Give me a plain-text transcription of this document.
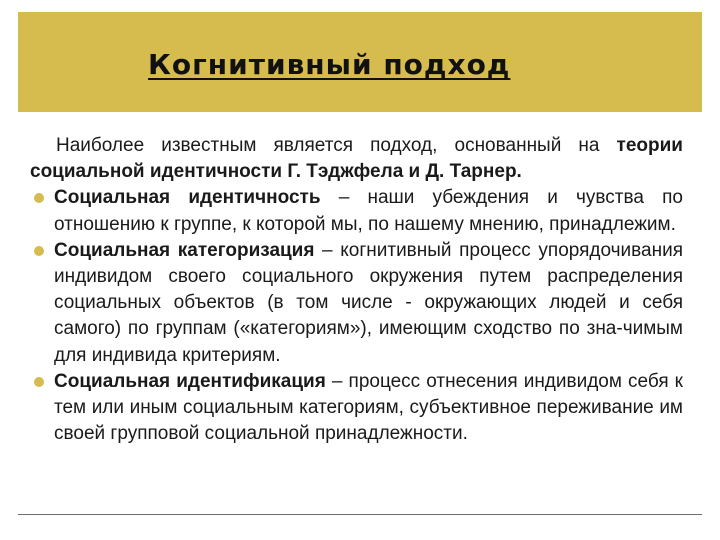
Когнитивный подход

Наиболее известным является подход, основанный на теории социальной идентичности Г. Тэджфела и Д. Тарнер.

Социальная идентичность – наши убеждения и чувства по отношению к группе, к которой мы, по нашему мнению, принадлежим.
Социальная категоризация – когнитивный процесс упорядочивания индивидом своего социального окружения путем распределения социальных объектов (в том числе - окружающих людей и себя самого) по группам («категориям»), имеющим сходство по зна-чимым для индивида критериям.
Социальная идентификация – процесс отнесения индивидом себя к тем или иным социальным категориям, субъективное переживание им своей групповой социальной принадлежности.
